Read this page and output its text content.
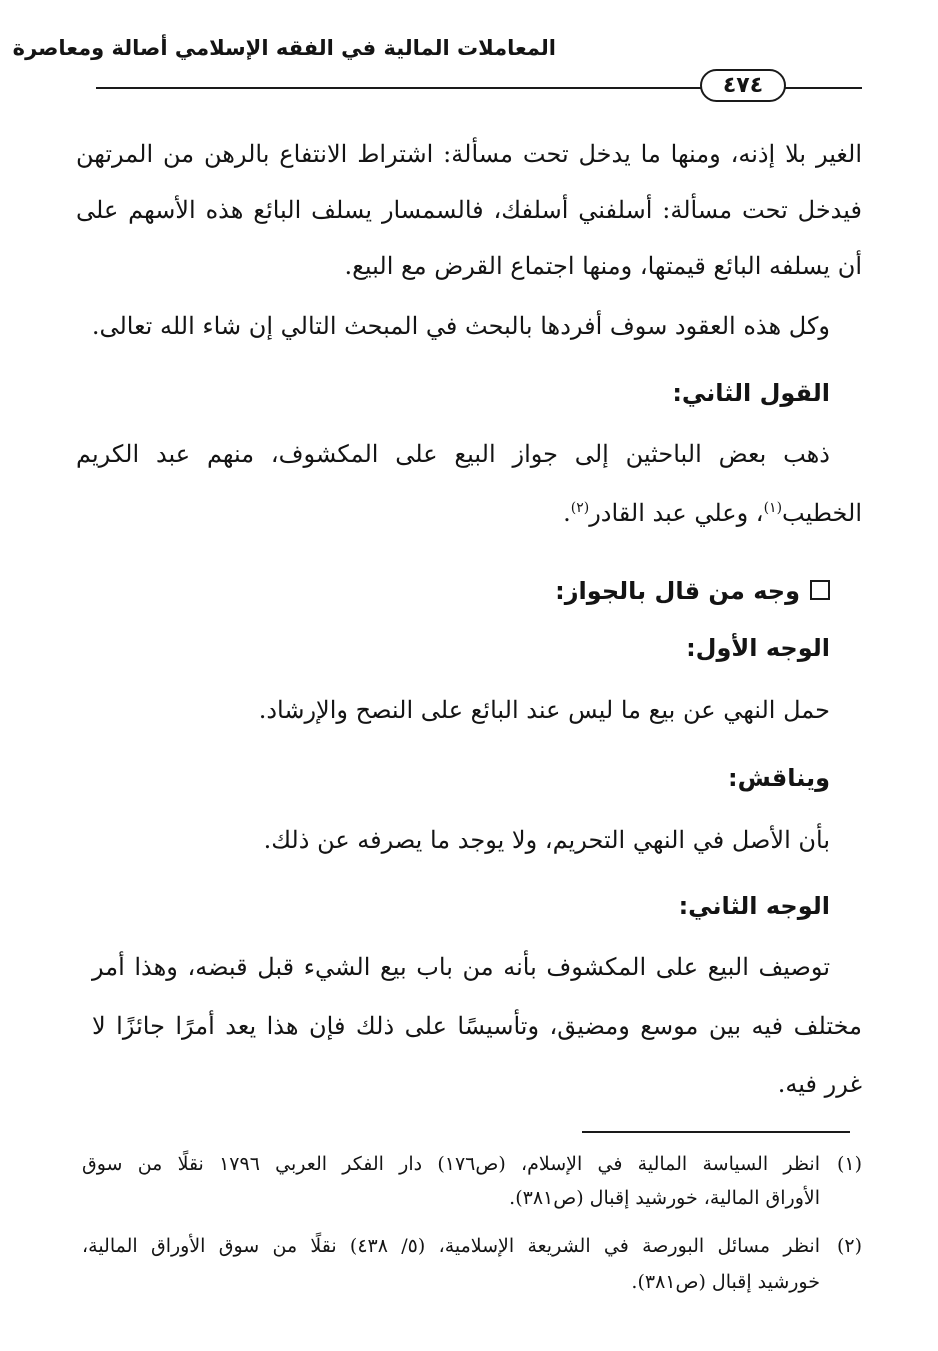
المعاملات المالية في الفقه الإسلامي أصالة ومعاصرة
٤٧٤
الغير بلا إذنه، ومنها ما يدخل تحت مسألة: اشتراط الانتفاع بالرهن من المرتهن
فيدخل تحت مسألة: أسلفني أسلفك، فالسمسار يسلف البائع هذه الأسهم على
أن يسلفه البائع قيمتها، ومنها اجتماع القرض مع البيع.
وكل هذه العقود سوف أفردها بالبحث في المبحث التالي إن شاء الله تعالى.
القول الثاني:
ذهب بعض الباحثين إلى جواز البيع على المكشوف، منهم عبد الكريم
الخطيب$^{(١)}$، وعلي عبد القادر$^{(٢)}$.
وجه من قال بالجواز:
الوجه الأول:
حمل النهي عن بيع ما ليس عند البائع على النصح والإرشاد.
ويناقش:
بأن الأصل في النهي التحريم، ولا يوجد ما يصرفه عن ذلك.
الوجه الثاني:
توصيف البيع على المكشوف بأنه من باب بيع الشيء قبل قبضه، وهذا أمر
مختلف فيه بين موسع ومضيق، وتأسيسًا على ذلك فإن هذا يعد أمرًا جائزًا لا
غرر فيه.
(١)
انظر السياسة المالية في الإسلام، (ص١٧٦) دار الفكر العربي ١٧٩٦ نقلًا من سوق
الأوراق المالية، خورشيد إقبال (ص٣٨١).
(٢)
انظر مسائل البورصة في الشريعة الإسلامية، (٥/ ٤٣٨) نقلًا من سوق الأوراق المالية،
خورشيد إقبال (ص٣٨١).
